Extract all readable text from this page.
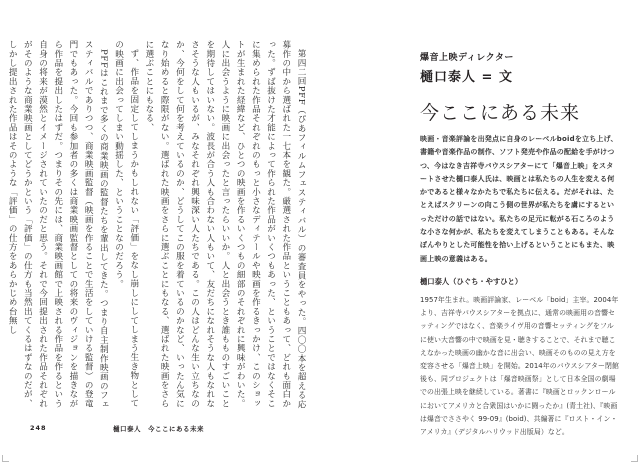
第四二回PFF（ぴあフィルムフェスティバル）の審査員をやった。四〇〇本を超える応募作の中から選ばれた一七本を観た。厳選された作品ということもあって、どれも面白かった。ずば抜けた才能によって作られた作品がいくつもあった、ということではなくそこに集められた作品それぞれのもっと小さなディテールや映画を作るきっかけ、このショットが生まれた経緯など、ひとつの映画を作るいくつもの細部のそれぞれに興味がわいた。人に出会うように映画に出会ったと言ったらいいか。人と出会うとき誰もものすごいことを期待してはいない。波長が合う人も合わない人もいて、友だちになれそうな人もなれなさそうな人もいるが、みなそれぞれ興味深い人たちである。この人はどんな生い立ちなのか、今何をして何を考えているのか、どうしてこの服を着ているのかなど、いったん気になり始めると際限がない。選ばれた映画をさらに選ぶことにもなる、選ばれた映画をさらに選ぶことにもなる、

ず、作品を固定してしまうかもしれない「評価」をなし崩しにしてしまう生き物としての映画に出会ってしまい動揺した、ということなのだろう。

PFFはこれまで多くの商業映画の監督たちを輩出してきた。つまり自主制作映画のフェスティバルでありつつ、商業映画監督（映画を作ることで生活をしていける監督）の登竜門でもあった。今回も参加者の多くは商業映画監督としての将来のヴィジョンを描きながら作品を提出したはずだ。つまりその先には、商業映画館で上映される作品を作るという自身の将来が漠然とイメージされていたのだと思う。それで今回提出された作品それぞれがそのような商業映画としてどうかという「評価」の仕方も当然出てくるはずなのだが、しかし提出された作品はそのような「評価」の仕方をあらかじめ台無し

248	樋口泰人　今ここにある未来
爆音上映ディレクター
樋口泰人 = 文
今ここにある未来
映画・音楽評論を出発点に自身のレーベルboidを立ち上げ、書籍や音楽作品の制作、ソフト発売や作品の配給を手がけつつ、今はなき吉祥寺バウスシアターにて「爆音上映」をスタートさせた樋口泰人氏は、映画とは私たちの人生を変える何かであると様々なかたちで私たちに伝える。だがそれは、たとえばスクリーンの向こう側の世界が私たちを虜にするといっただけの話ではない。私たちの足元に転がる石ころのような小さな何かが、私たちを変えてしまうこともある。そんなぼんやりとした可能性を拾い上げるということにもまた、映画上映の意義はある。
樋口泰人（ひぐち・やすひと）
1957年生まれ。映画評論家、レーベル「boid」主宰。2004年より、吉祥寺バウスシアターを拠点に、通常の映画用の音響セッティングではなく、音楽ライヴ用の音響セッティングをフルに使い大音響の中で映画を見・聴きすることで、それまで聴こえなかった映画の幽かな音に出会い、映画そのものの見え方を変容させる「爆音上映」を開始。2014年のバウスシアター閉館後も、同プロジェクトは「爆音映画祭」として日本全国の劇場での出張上映を継続している。著書に『映画とロックンロールにおいてアメリカと合衆国はいかに闘ったか』(青土社)、『映画は爆音でささやく 99-09』(boid)、共編著に『ロスト・イン・アメリカ』（デジタルハリウッド出版局）など。
